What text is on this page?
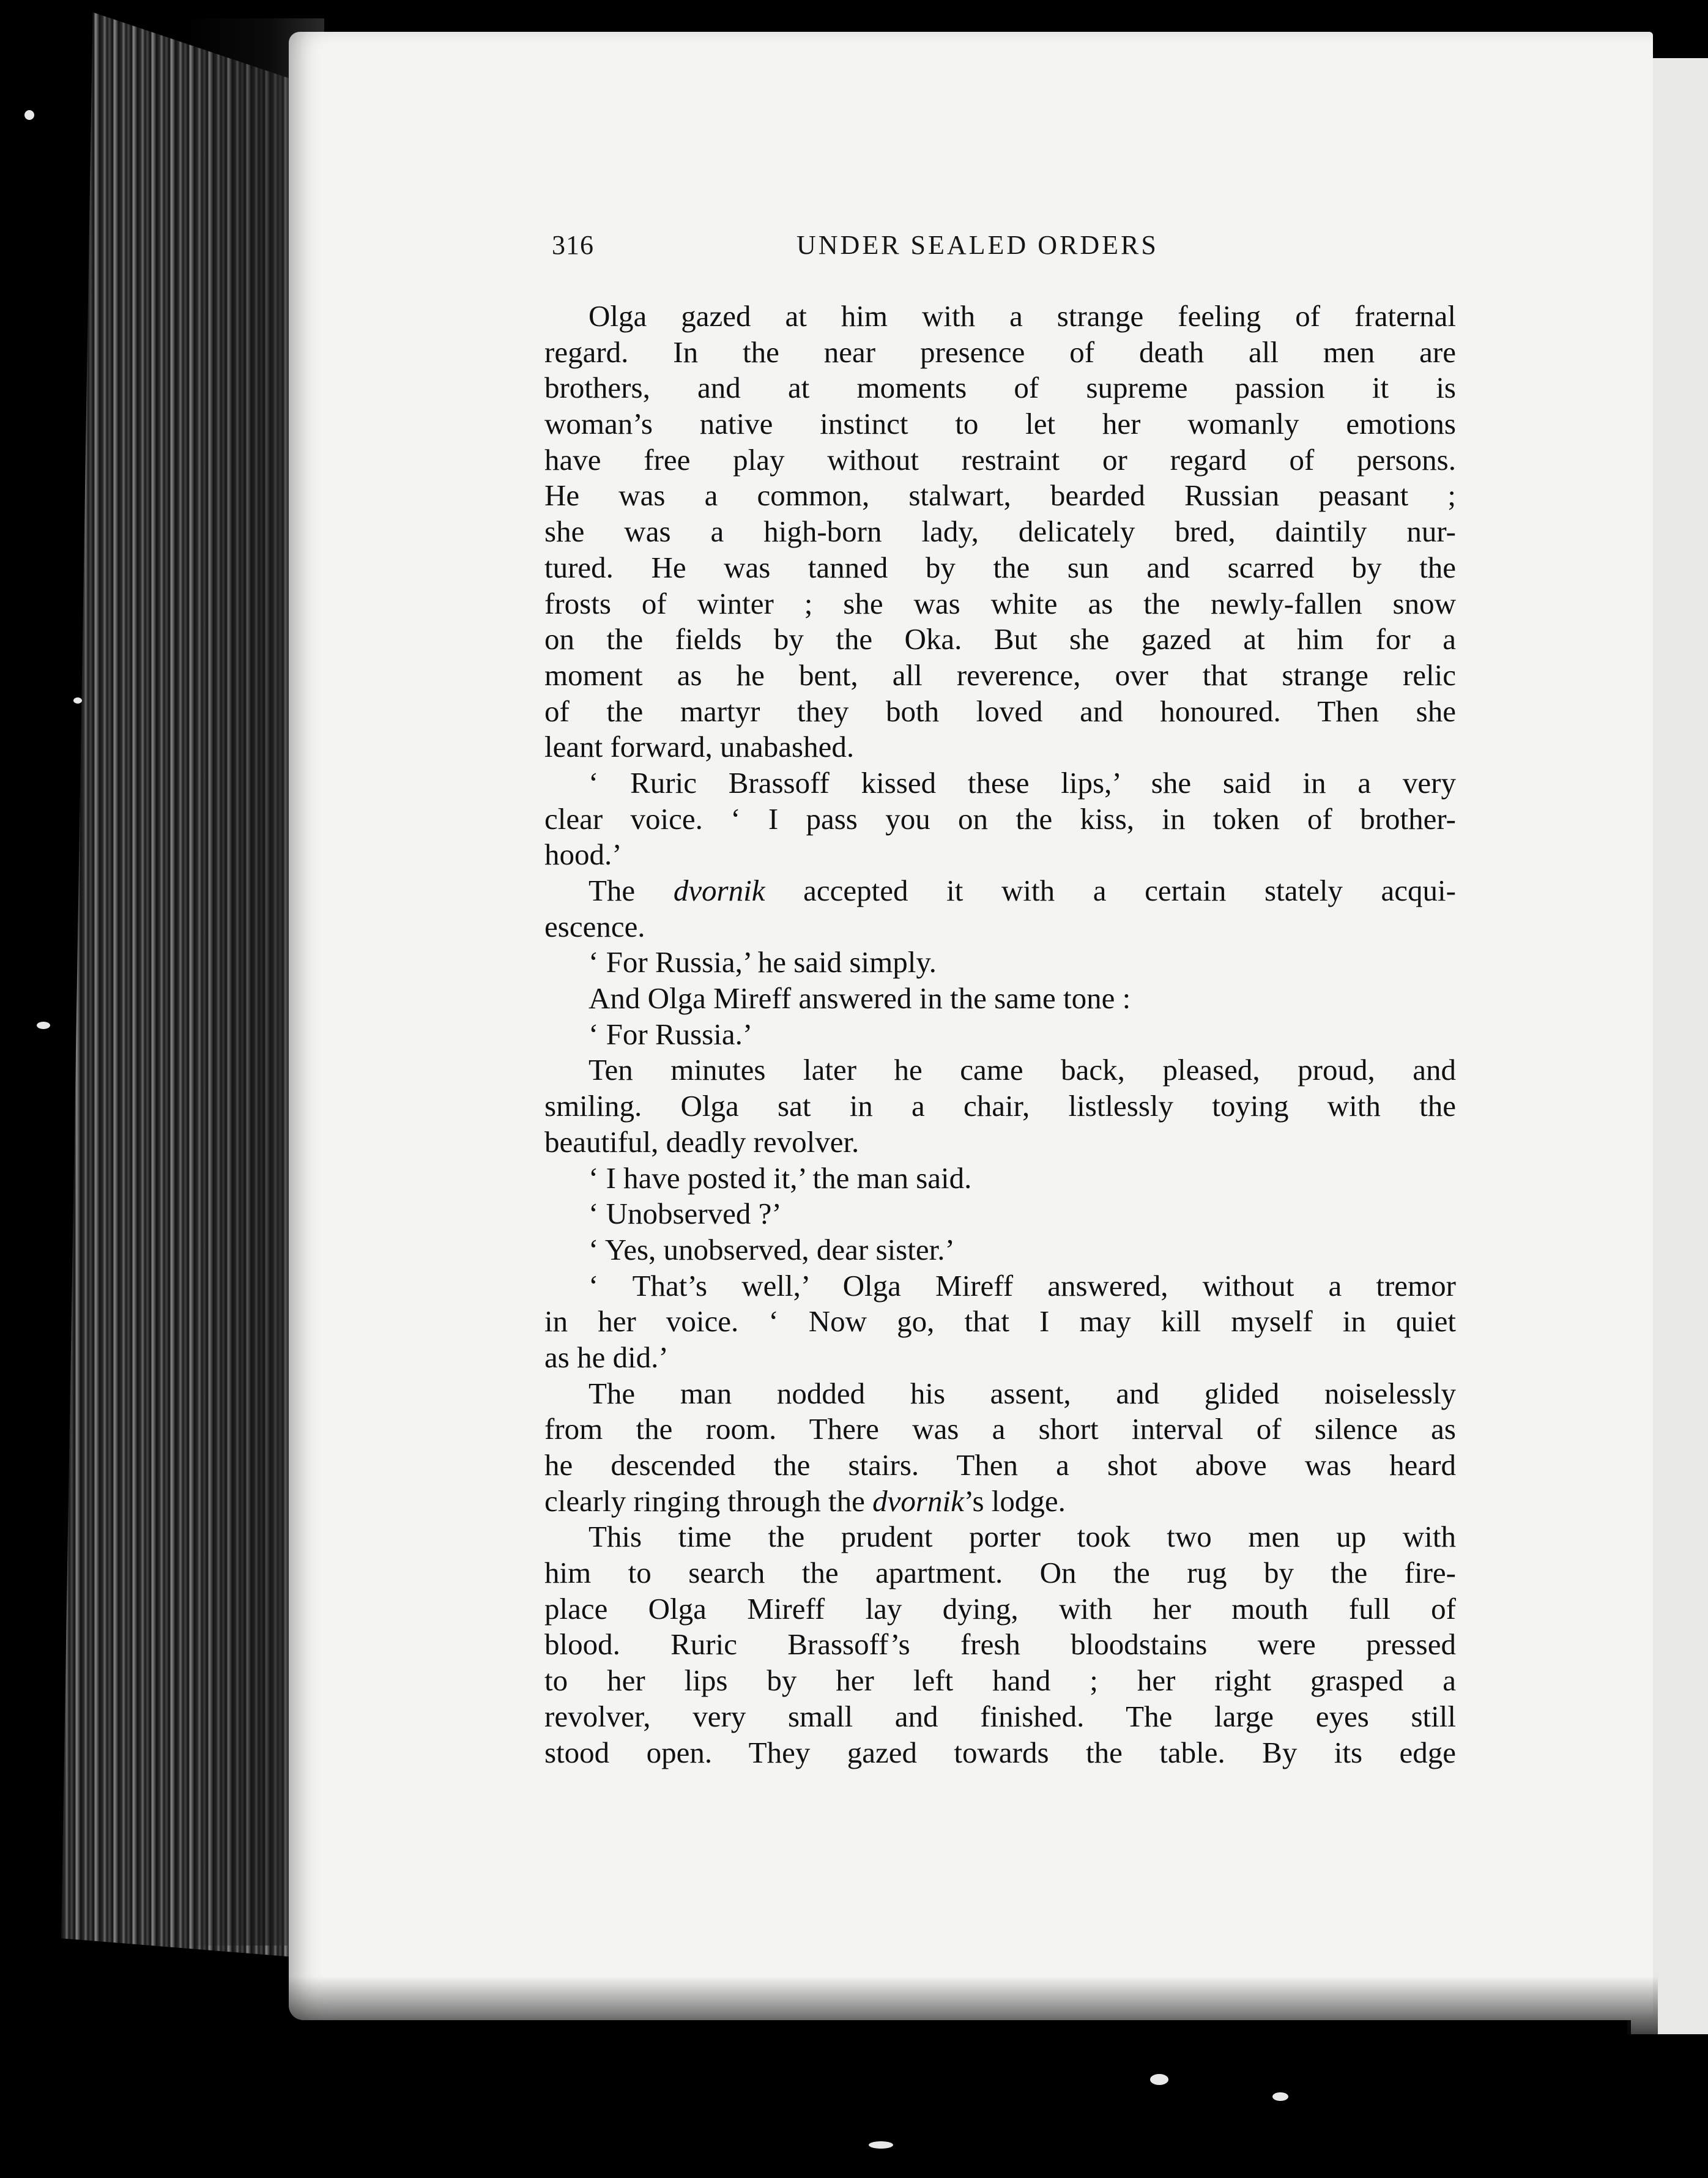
316	UNDER SEALED ORDERS
Olga gazed at him with a strange feeling of fraternal
regard. In the near presence of death all men are
brothers, and at moments of supreme passion it is
woman’s native instinct to let her womanly emotions
have free play without restraint or regard of persons.
He was a common, stalwart, bearded Russian peasant ;
she was a high-born lady, delicately bred, daintily nur-
tured. He was tanned by the sun and scarred by the
frosts of winter ; she was white as the newly-fallen snow
on the fields by the Oka. But she gazed at him for a
moment as he bent, all reverence, over that strange relic
of the martyr they both loved and honoured. Then she
leant forward, unabashed.
‘ Ruric Brassoff kissed these lips,’ she said in a very
clear voice. ‘ I pass you on the kiss, in token of brother-
hood.’
The dvornik accepted it with a certain stately acqui-
escence.
‘ For Russia,’ he said simply.
And Olga Mireff answered in the same tone :
‘ For Russia.’
Ten minutes later he came back, pleased, proud, and
smiling. Olga sat in a chair, listlessly toying with the
beautiful, deadly revolver.
‘ I have posted it,’ the man said.
‘ Unobserved ?’
‘ Yes, unobserved, dear sister.’
‘ That’s well,’ Olga Mireff answered, without a tremor
in her voice. ‘ Now go, that I may kill myself in quiet
as he did.’
The man nodded his assent, and glided noiselessly
from the room. There was a short interval of silence as
he descended the stairs. Then a shot above was heard
clearly ringing through the dvornik’s lodge.
This time the prudent porter took two men up with
him to search the apartment. On the rug by the fire-
place Olga Mireff lay dying, with her mouth full of
blood. Ruric Brassoff’s fresh bloodstains were pressed
to her lips by her left hand ; her right grasped a
revolver, very small and finished. The large eyes still
stood open. They gazed towards the table. By its edge
